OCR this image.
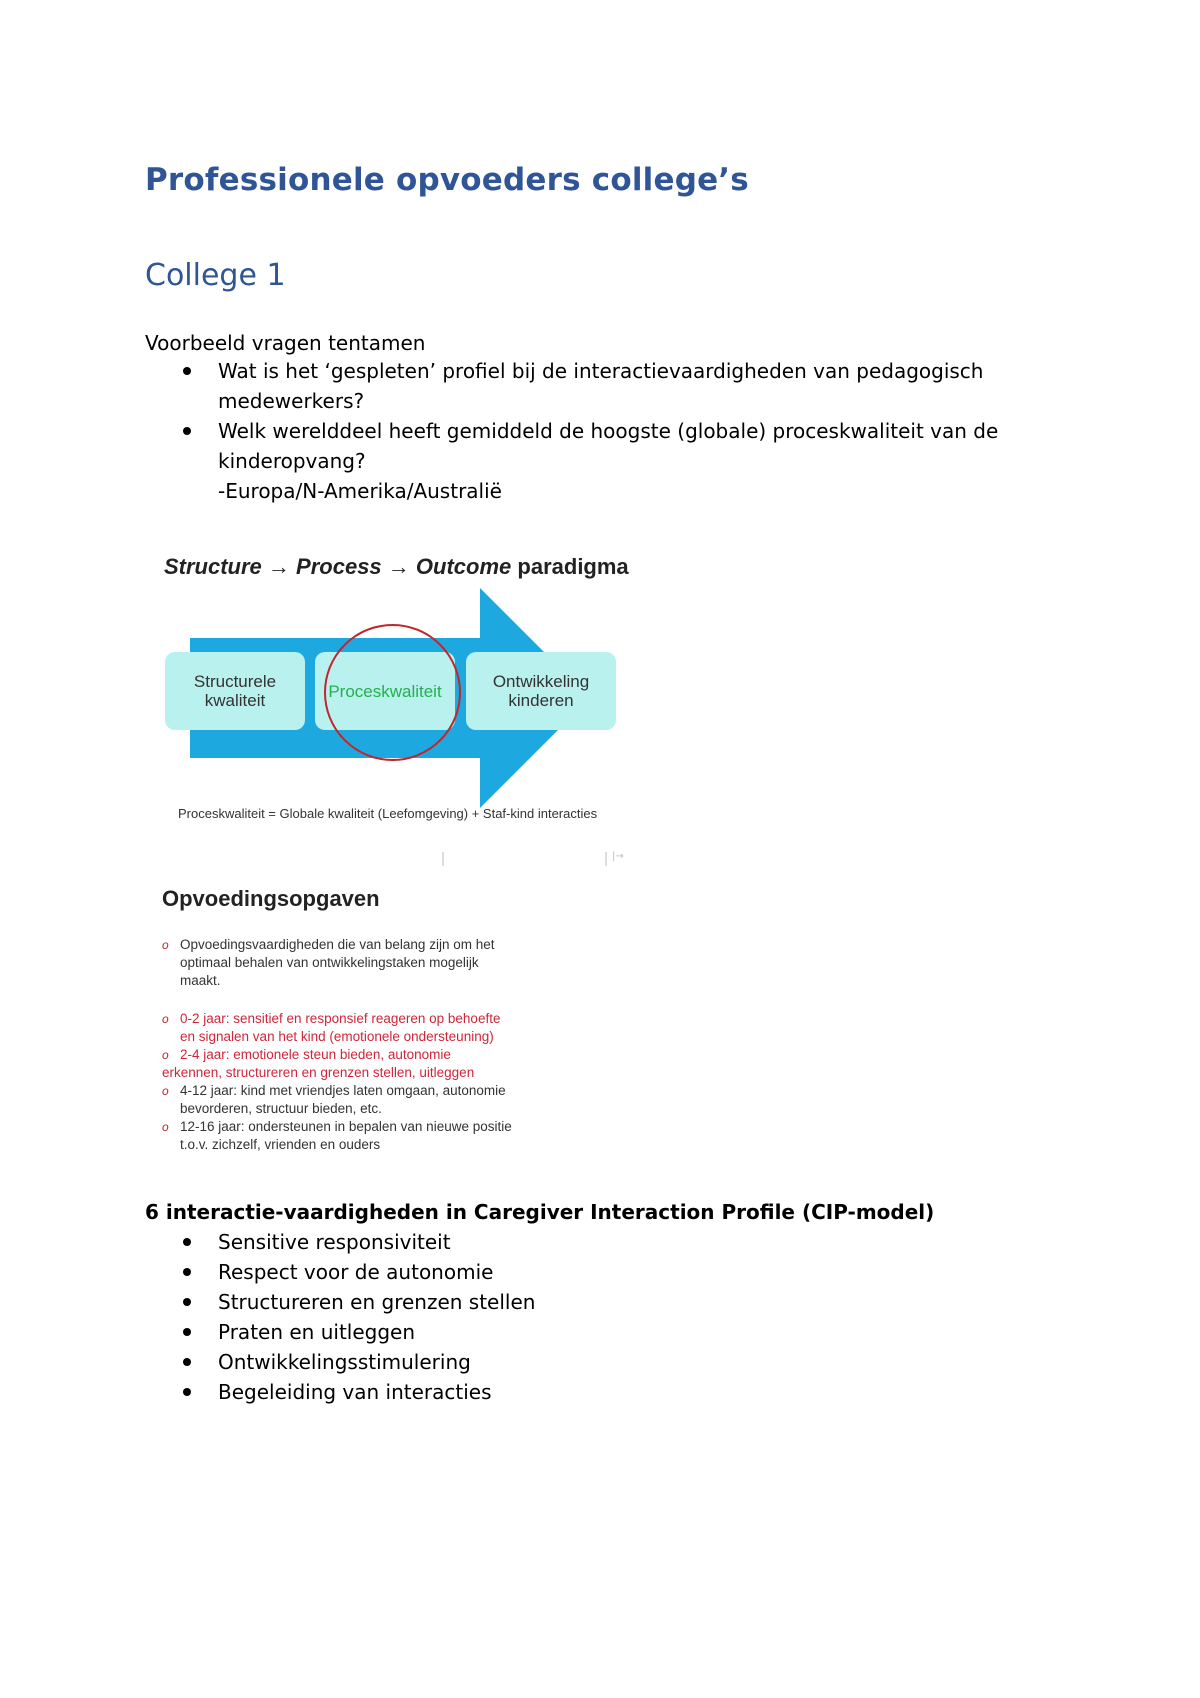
Professionele opvoeders college’s
College 1
Voorbeeld vragen tentamen
Wat is het ‘gespleten’ profiel bij de interactievaardigheden van pedagogisch medewerkers?
Welk werelddeel heeft gemiddeld de hoogste (globale) proceskwaliteit van de kinderopvang?
-Europa/N-Amerika/Australië
Structure → Process → Outcome paradigma
Structurele
kwaliteit	Proceskwaliteit	Ontwikkeling
kinderen
Proceskwaliteit = Globale kwaliteit (Leefomgeving) + Staf-kind interacties
|→
Opvoedingsopgaven
o Opvoedingsvaardigheden die van belang zijn om het
optimaal behalen van ontwikkelingstaken mogelijk
maakt.
o 0-2 jaar: sensitief en responsief reageren op behoefte
en signalen van het kind (emotionele ondersteuning)
o 2-4 jaar: emotionele steun bieden, autonomie
erkennen, structureren en grenzen stellen, uitleggen
o 4-12 jaar: kind met vriendjes laten omgaan, autonomie
bevorderen, structuur bieden, etc.
o 12-16 jaar: ondersteunen in bepalen van nieuwe positie
t.o.v. zichzelf, vrienden en ouders
6 interactie-vaardigheden in Caregiver Interaction Profile (CIP-model)
Sensitive responsiviteit
Respect voor de autonomie
Structureren en grenzen stellen
Praten en uitleggen
Ontwikkelingsstimulering
Begeleiding van interacties
